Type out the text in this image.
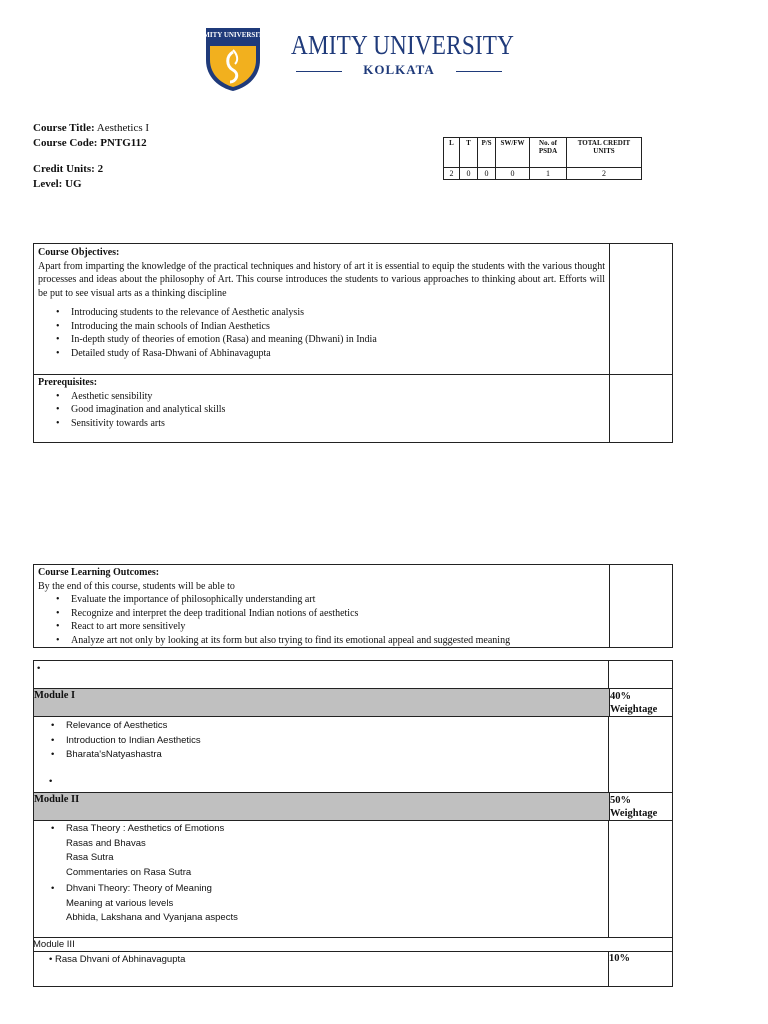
AMITY UNIVERSITY AMITY UNIVERSITY
KOLKATA
Course Title: Aesthetics I
Course Code: PNTG112
Credit Units: 2
Level: UG
L	T	P/S	SW/FW	No. of PSDA	TOTAL CREDIT UNITS
2	0	0	0	1	2
Course Objectives:
Apart from imparting the knowledge of the practical techniques and history of art it is essential to equip the students with the various thought processes and ideas about the philosophy of Art. This course introduces the students to various approaches to thinking about art. Efforts will be put to see visual arts as a thinking discipline
• Introducing students to the relevance of Aesthetic analysis
• Introducing the main schools of Indian Aesthetics
• In-depth study of theories of emotion (Rasa) and meaning (Dhwani) in India
• Detailed study of Rasa-Dhwani of Abhinavagupta
Prerequisites:
• Aesthetic sensibility
• Good imagination and analytical skills
• Sensitivity towards arts
Course Learning Outcomes:
By the end of this course, students will be able to
• Evaluate the importance of philosophically understanding art
• Recognize and interpret the deep traditional Indian notions of aesthetics
• React to art more sensitively
• Analyze art not only by looking at its form but also trying to find its emotional appeal and suggested meaning
•
Module I	40%
Weightage
• Relevance of Aesthetics
• Introduction to Indian Aesthetics
• Bharata'sNatyashastra
•
Module II	50%
Weightage
• Rasa Theory : Aesthetics of Emotions
Rasas and Bhavas
Rasa Sutra
Commentaries on Rasa Sutra
• Dhvani Theory: Theory of Meaning
Meaning at various levels
Abhida, Lakshana and Vyanjana aspects
Module III
• Rasa Dhvani of Abhinavagupta	10%
